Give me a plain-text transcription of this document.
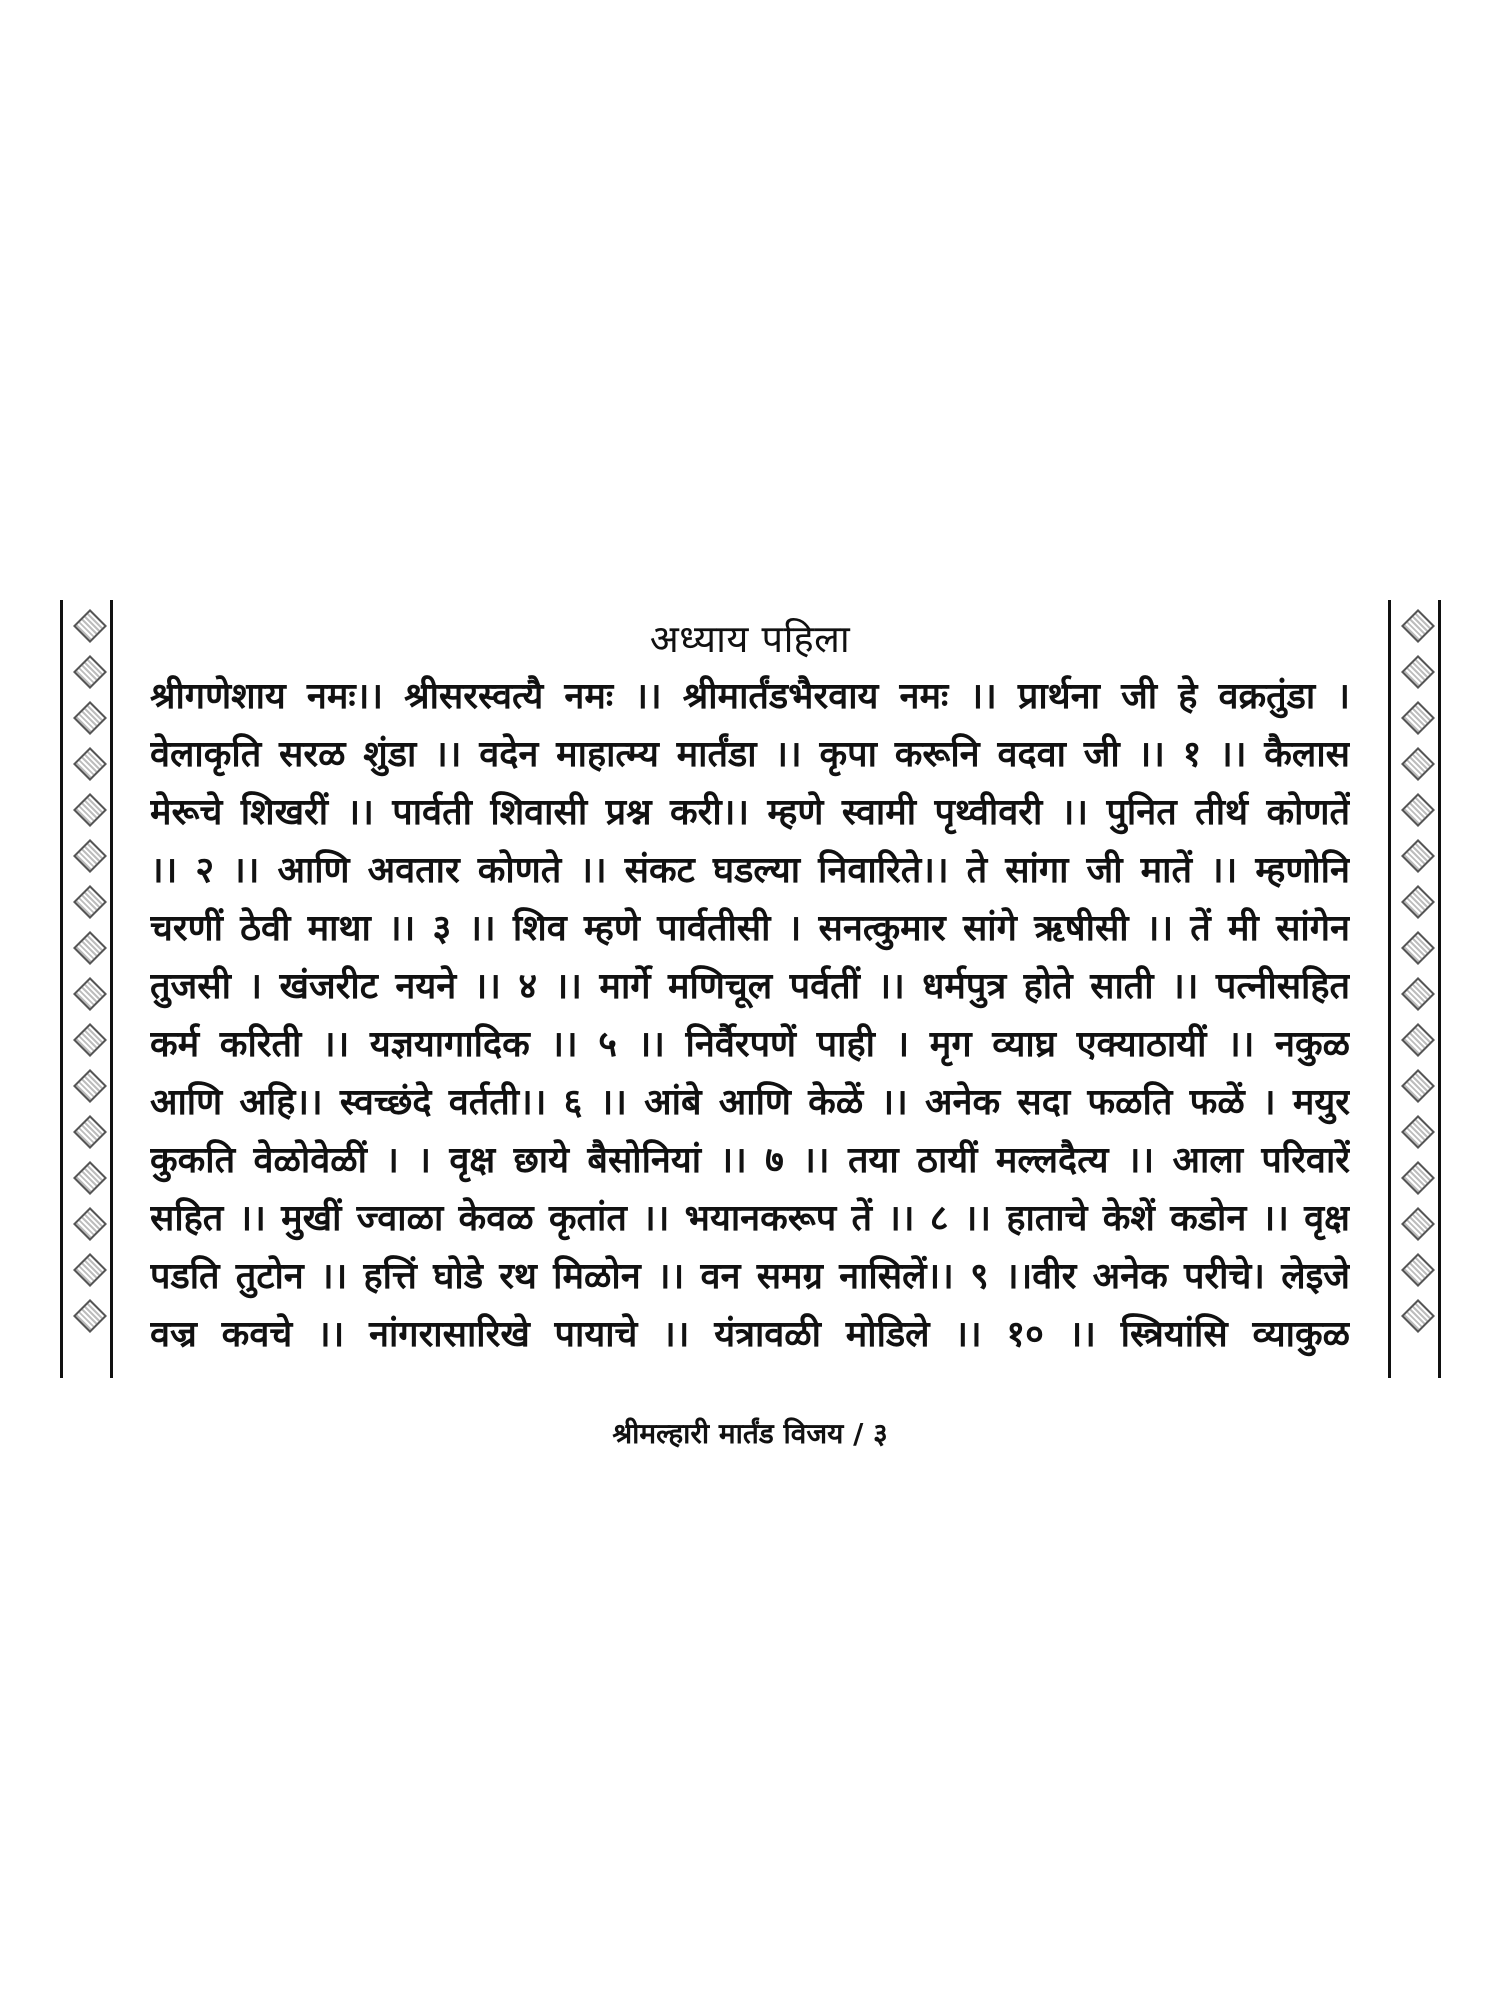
अध्याय पहिला
श्रीगणेशाय नमः।। श्रीसरस्वत्यै नमः ।। श्रीमार्तंडभैरवाय नमः ।। प्रार्थना जी हे वक्रतुंडा ।
वेलाकृति सरळ शुंडा ।। वदेन माहात्म्य मार्तंडा ।। कृपा करूनि वदवा जी ।। १ ।। कैलास
मेरूचे शिखरीं ।। पार्वती शिवासी प्रश्न करी।। म्हणे स्वामी पृथ्वीवरी ।। पुनित तीर्थ कोणतें
।। २ ।। आणि अवतार कोणते ।। संकट घडल्या निवारिते।। ते सांगा जी मातें ।। म्हणोनि
चरणीं ठेवी माथा ।। ३ ।। शिव म्हणे पार्वतीसी । सनत्कुमार सांगे ऋषीसी ।। तें मी सांगेन
तुजसी । खंजरीट नयने ।। ४ ।। मार्गे मणिचूल पर्वतीं ।। धर्मपुत्र होते साती ।। पत्नीसहित
कर्म करिती ।। यज्ञयागादिक ।। ५ ।। निर्वैरपणें पाही । मृग व्याघ्र एक्याठायीं ।। नकुळ
आणि अहि।। स्वच्छंदे वर्तती।। ६ ।। आंबे आणि केळें ।। अनेक सदा फळति फळें । मयुर
कुकति वेळोवेळीं । । वृक्ष छाये बैसोनियां ।। ७ ।। तया ठायीं मल्लदैत्य ।। आला परिवारें
सहित ।। मुखीं ज्वाळा केवळ कृतांत ।। भयानकरूप तें ।। ८ ।। हाताचे केशें कडोन ।। वृक्ष
पडति तुटोन ।। हत्तिं घोडे रथ मिळोन ।। वन समग्र नासिलें।। ९ ।।वीर अनेक परीचे। लेइजे
वज्र कवचे ।। नांगरासारिखे पायाचे ।। यंत्रावळी मोडिले ।। १० ।। स्त्रियांसि व्याकुळ
श्रीमल्हारी मार्तंड विजय / ३
